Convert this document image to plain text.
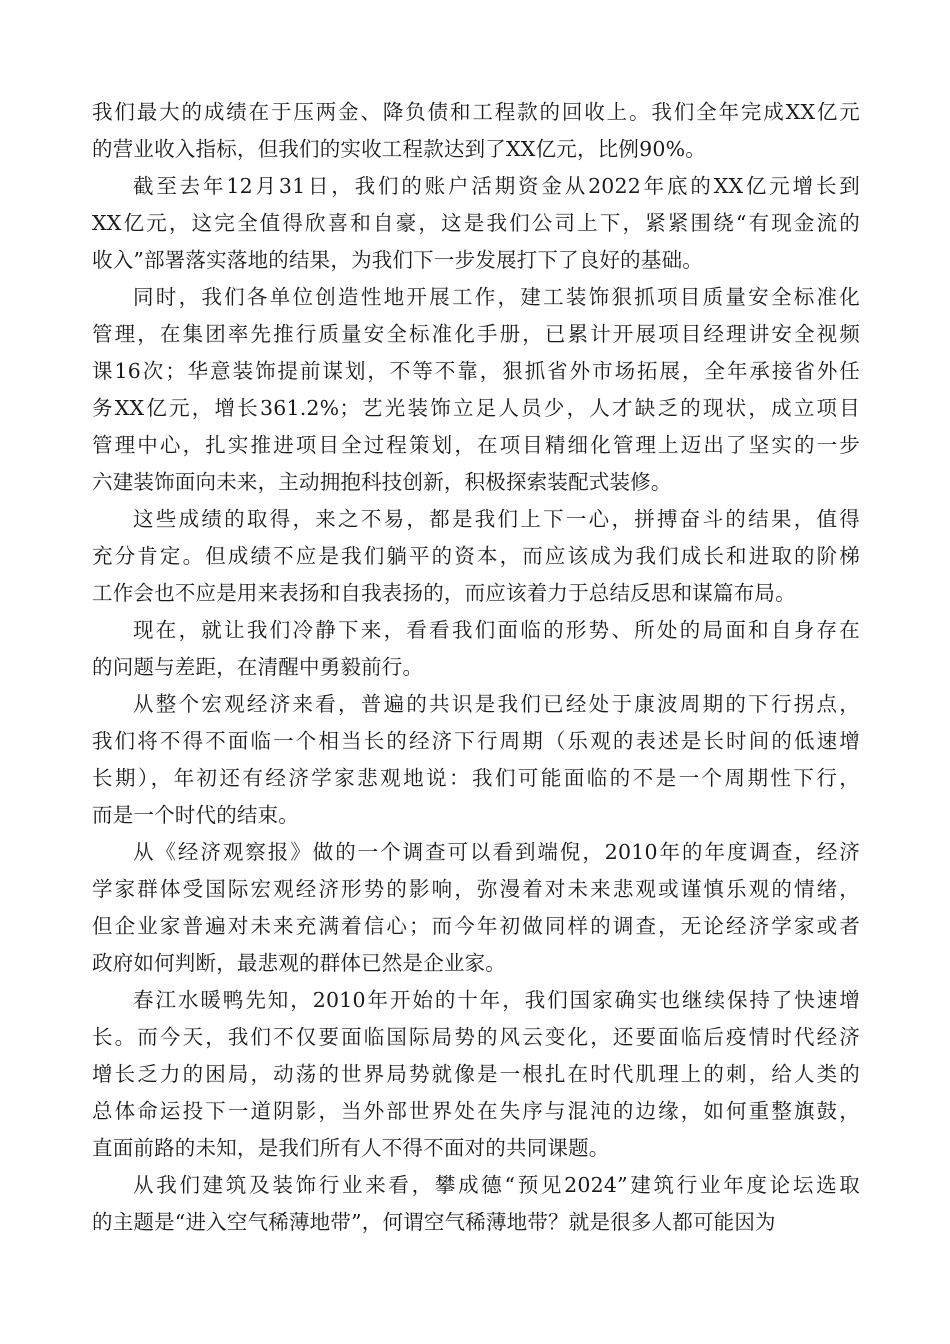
我们最大的成绩在于压两金、降负债和工程款的回收上。我们全年完成XX亿元
的营业收入指标，但我们的实收工程款达到了XX亿元，比例90%。
截至去年12月31日，我们的账户活期资金从2022年底的XX亿元增长到
XX亿元，这完全值得欣喜和自豪，这是我们公司上下，紧紧围绕“有现金流的
收入”部署落实落地的结果，为我们下一步发展打下了良好的基础。
同时，我们各单位创造性地开展工作，建工装饰狠抓项目质量安全标准化
管理，在集团率先推行质量安全标准化手册，已累计开展项目经理讲安全视频
课16次；华意装饰提前谋划，不等不靠，狠抓省外市场拓展，全年承接省外任
务XX亿元，增长361.2%；艺光装饰立足人员少，人才缺乏的现状，成立项目
管理中心，扎实推进项目全过程策划，在项目精细化管理上迈出了坚实的一步
六建装饰面向未来，主动拥抱科技创新，积极探索装配式装修。
这些成绩的取得，来之不易，都是我们上下一心，拼搏奋斗的结果，值得
充分肯定。但成绩不应是我们躺平的资本，而应该成为我们成长和进取的阶梯
工作会也不应是用来表扬和自我表扬的，而应该着力于总结反思和谋篇布局。
现在，就让我们冷静下来，看看我们面临的形势、所处的局面和自身存在
的问题与差距，在清醒中勇毅前行。
从整个宏观经济来看，普遍的共识是我们已经处于康波周期的下行拐点，
我们将不得不面临一个相当长的经济下行周期（乐观的表述是长时间的低速增
长期），年初还有经济学家悲观地说：我们可能面临的不是一个周期性下行，
而是一个时代的结束。
从《经济观察报》做的一个调查可以看到端倪，2010年的年度调查，经济
学家群体受国际宏观经济形势的影响，弥漫着对未来悲观或谨慎乐观的情绪，
但企业家普遍对未来充满着信心；而今年初做同样的调查，无论经济学家或者
政府如何判断，最悲观的群体已然是企业家。
春江水暖鸭先知，2010年开始的十年，我们国家确实也继续保持了快速增
长。而今天，我们不仅要面临国际局势的风云变化，还要面临后疫情时代经济
增长乏力的困局，动荡的世界局势就像是一根扎在时代肌理上的刺，给人类的
总体命运投下一道阴影，当外部世界处在失序与混沌的边缘，如何重整旗鼓，
直面前路的未知，是我们所有人不得不面对的共同课题。
从我们建筑及装饰行业来看，攀成德“预见2024”建筑行业年度论坛选取
的主题是“进入空气稀薄地带”，何谓空气稀薄地带？就是很多人都可能因为
